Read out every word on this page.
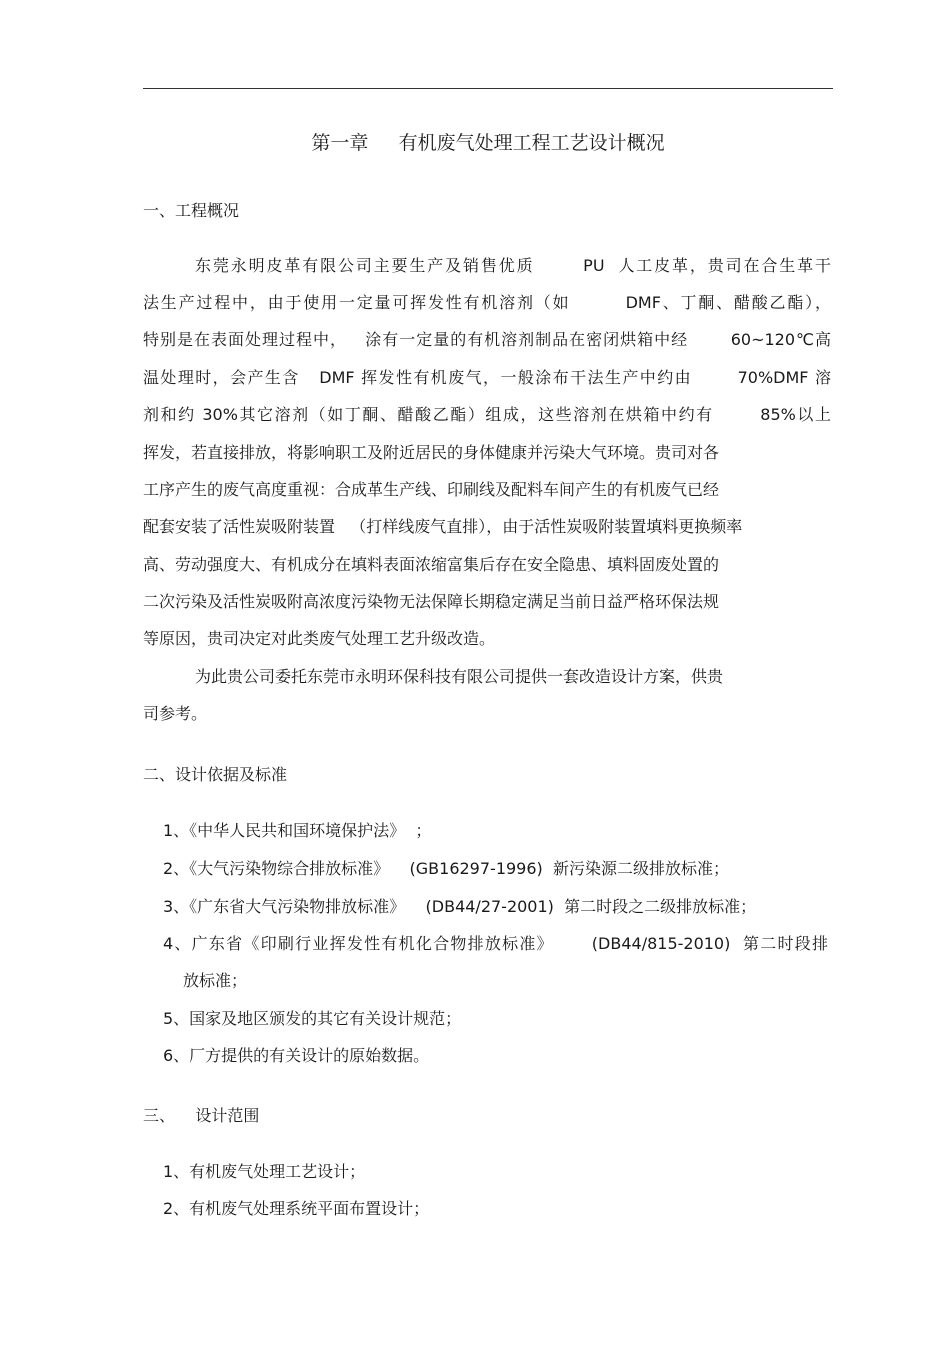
第一章     有机废气处理工程工艺设计概况
一、工程概况
东莞永明皮革有限公司主要生产及销售优质       PU  人工皮革，贵司在合生革干
法生产过程中，由于使用一定量可挥发性有机溶剂（如        DMF、丁酮、醋酸乙酯），
特别是在表面处理过程中，   涂有一定量的有机溶剂制品在密闭烘箱中经       60~120℃高
温处理时，会产生含   DMF 挥发性有机废气，一般涂布干法生产中约由       70%DMF 溶
剂和约 30%其它溶剂（如丁酮、醋酸乙酯）组成，这些溶剂在烘箱中约有       85%以上
挥发，若直接排放，将影响职工及附近居民的身体健康并污染大气环境。贵司对各
工序产生的废气高度重视：合成革生产线、印刷线及配料车间产生的有机废气已经
配套安装了活性炭吸附装置   （打样线废气直排），由于活性炭吸附装置填料更换频率
高、劳动强度大、有机成分在填料表面浓缩富集后存在安全隐患、填料固废处置的
二次污染及活性炭吸附高浓度污染物无法保障长期稳定满足当前日益严格环保法规
等原因，贵司决定对此类废气处理工艺升级改造。
为此贵公司委托东莞市永明环保科技有限公司提供一套改造设计方案，供贵
司参考。
二、设计依据及标准
1、《中华人民共和国环境保护法》  ；
2、《大气污染物综合排放标准》    (GB16297-1996)  新污染源二级排放标准；
3、《广东省大气污染物排放标准》    (DB44/27-2001)  第二时段之二级排放标准；
4、广东省《印刷行业挥发性有机化合物排放标准》      (DB44/815-2010)  第二时段排
放标准；
5、国家及地区颁发的其它有关设计规范；
6、厂方提供的有关设计的原始数据。
三、    设计范围
1、有机废气处理工艺设计；
2、有机废气处理系统平面布置设计；
